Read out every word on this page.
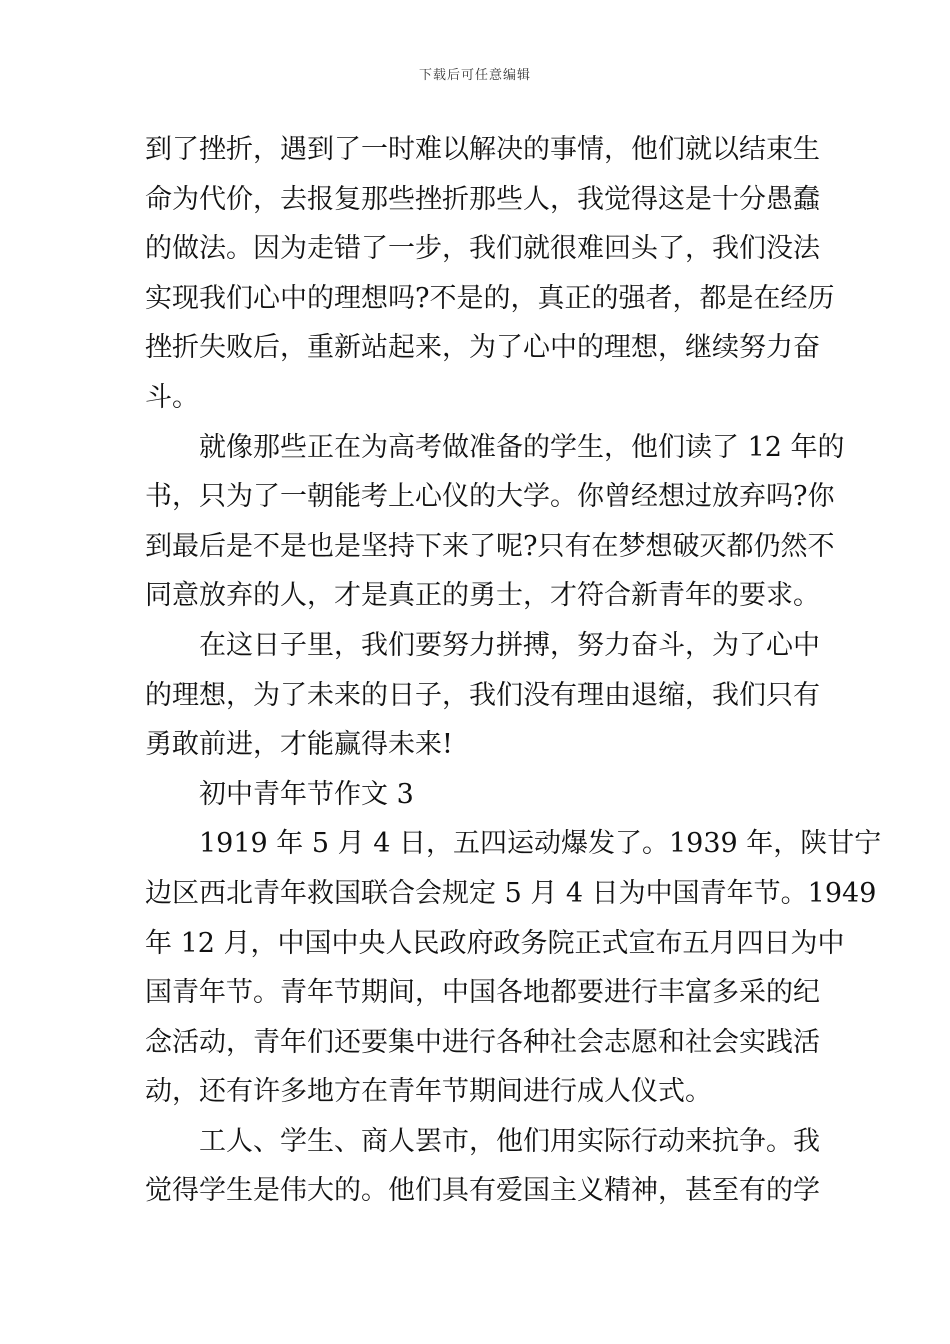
下载后可任意编辑
到了挫折，遇到了一时难以解决的事情，他们就以结束生
命为代价，去报复那些挫折那些人，我觉得这是十分愚蠢
的做法。因为走错了一步，我们就很难回头了，我们没法
实现我们心中的理想吗?不是的，真正的强者，都是在经历
挫折失败后，重新站起来，为了心中的理想，继续努力奋
斗。
就像那些正在为高考做准备的学生，他们读了 12 年的
书，只为了一朝能考上心仪的大学。你曾经想过放弃吗?你
到最后是不是也是坚持下来了呢?只有在梦想破灭都仍然不
同意放弃的人，才是真正的勇士，才符合新青年的要求。
在这日子里，我们要努力拼搏，努力奋斗，为了心中
的理想，为了未来的日子，我们没有理由退缩，我们只有
勇敢前进，才能赢得未来!
初中青年节作文 3
1919 年 5 月 4 日，五四运动爆发了。1939 年，陕甘宁
边区西北青年救国联合会规定 5 月 4 日为中国青年节。1949
年 12 月，中国中央人民政府政务院正式宣布五月四日为中
国青年节。青年节期间，中国各地都要进行丰富多采的纪
念活动，青年们还要集中进行各种社会志愿和社会实践活
动，还有许多地方在青年节期间进行成人仪式。
工人、学生、商人罢市，他们用实际行动来抗争。我
觉得学生是伟大的。他们具有爱国主义精神，甚至有的学
